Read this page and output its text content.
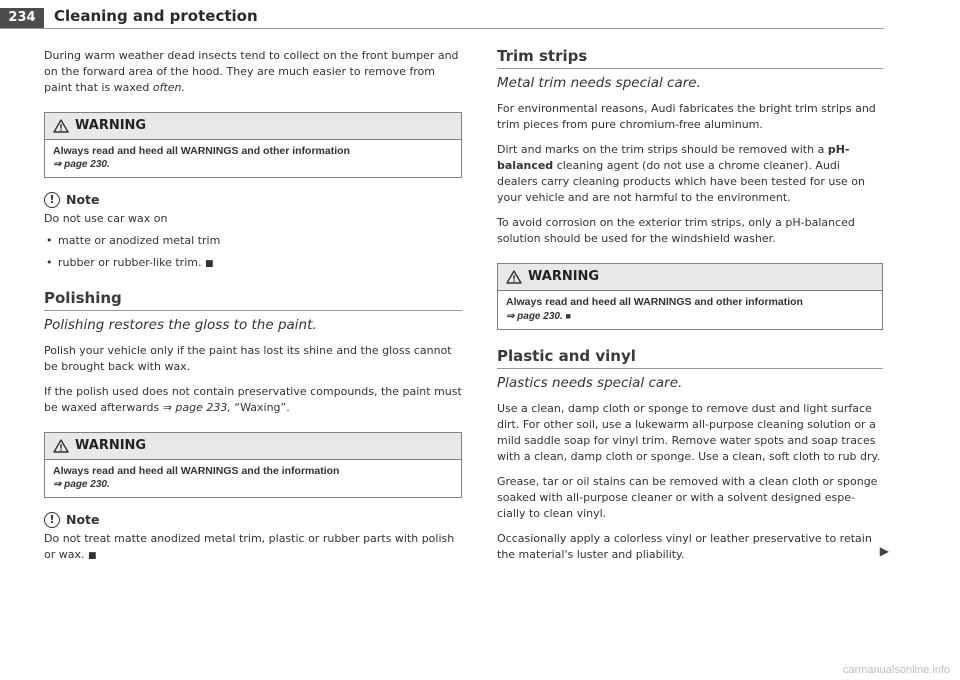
234	Cleaning and protection

During warm weather dead insects tend to collect on the front bumper and on the forward area of the hood. They are much easier to remove from paint that is waxed often.

WARNING
Always read and heed all WARNINGS and other information
⇒ page 230.
! Note

Do not use car wax on

• matte or anodized metal trim
• rubber or rubber-like trim. ■
Polishing
Polishing restores the gloss to the paint.

Polish your vehicle only if the paint has lost its shine and the gloss cannot be brought back with wax.

If the polish used does not contain preservative compounds, the paint must be waxed afterwards ⇒ page 233, “Waxing”.

WARNING
Always read and heed all WARNINGS and the information
⇒ page 230.
! Note

Do not treat matte anodized metal trim, plastic or rubber parts with polish or wax. ■

Trim strips
Metal trim needs special care.

For environmental reasons, Audi fabricates the bright trim strips and trim pieces from pure chromium-free aluminum.

Dirt and marks on the trim strips should be removed with a pH-balanced cleaning agent (do not use a chrome cleaner). Audi dealers carry cleaning products which have been tested for use on your vehicle and are not harmful to the environment.

To avoid corrosion on the exterior trim strips, only a pH-balanced solution should be used for the windshield washer.

WARNING
Always read and heed all WARNINGS and other information
⇒ page 230. ■
Plastic and vinyl
Plastics needs special care.

Use a clean, damp cloth or sponge to remove dust and light surface dirt. For other soil, use a lukewarm all-purpose cleaning solution or a mild saddle soap for vinyl trim. Remove water spots and soap traces with a clean, damp cloth or sponge. Use a clean, soft cloth to rub dry.

Grease, tar or oil stains can be removed with a clean cloth or sponge soaked with all-purpose cleaner or with a solvent designed espe-cially to clean vinyl.

Occasionally apply a colorless vinyl or leather preservative to retain the material's luster and pliability.	▶

carmanualsonline.info
